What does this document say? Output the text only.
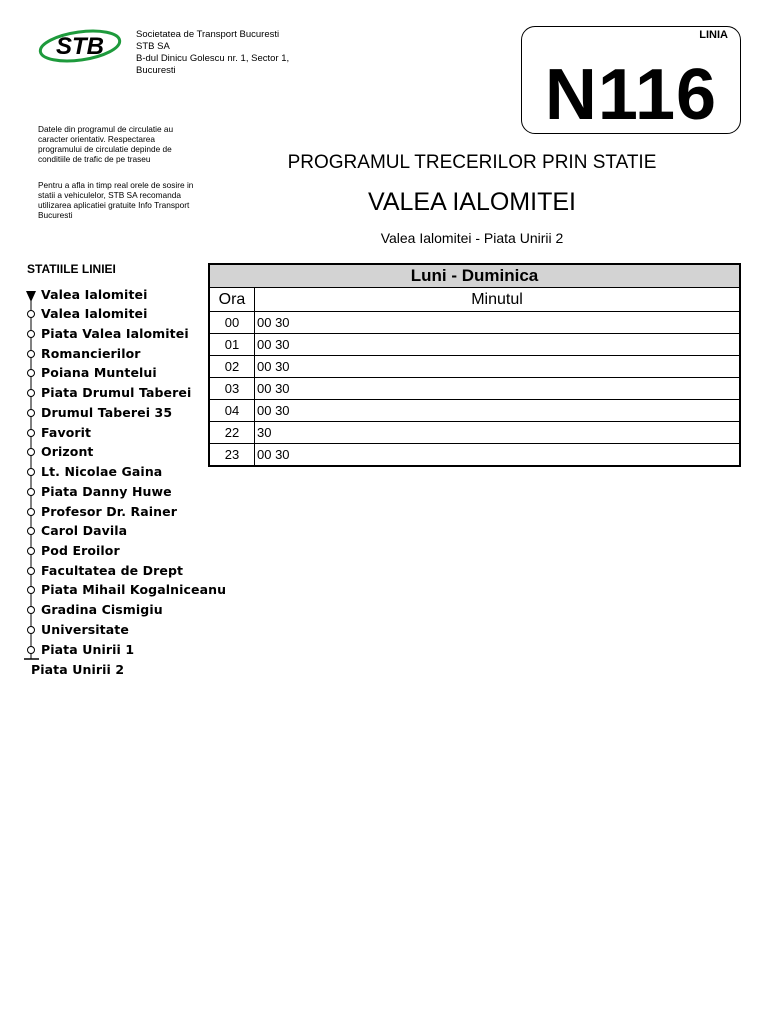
STB	Societatea de Transport Bucuresti
STB SA
B-dul Dinicu Golescu nr. 1, Sector 1,
Bucuresti
LINIA
N116

Datele din programul de circulatie au

caracter orientativ. Respectarea

programului de circulatie depinde de

conditiile de trafic de pe traseu

Pentru a afla in timp real orele de sosire in

statii a vehiculelor, STB SA recomanda

utilizarea aplicatiei gratuite Info Transport

Bucuresti

PROGRAMUL TRECERILOR PRIN STATIE
VALEA IALOMITEI
Valea Ialomitei - Piata Unirii 2
STATIILE LINIEI
Valea Ialomitei
Valea Ialomitei
Piata Valea Ialomitei
Romancierilor
Poiana Muntelui
Piata Drumul Taberei
Drumul Taberei 35
Favorit
Orizont
Lt. Nicolae Gaina
Piata Danny Huwe
Profesor Dr. Rainer
Carol Davila
Pod Eroilor
Facultatea de Drept
Piata Mihail Kogalniceanu
Gradina Cismigiu
Universitate
Piata Unirii 1
Piata Unirii 2
Luni - Duminica	
Ora	Minutul
00	00 30
01	00 30
02	00 30
03	00 30
04	00 30
22	30
23	00 30
